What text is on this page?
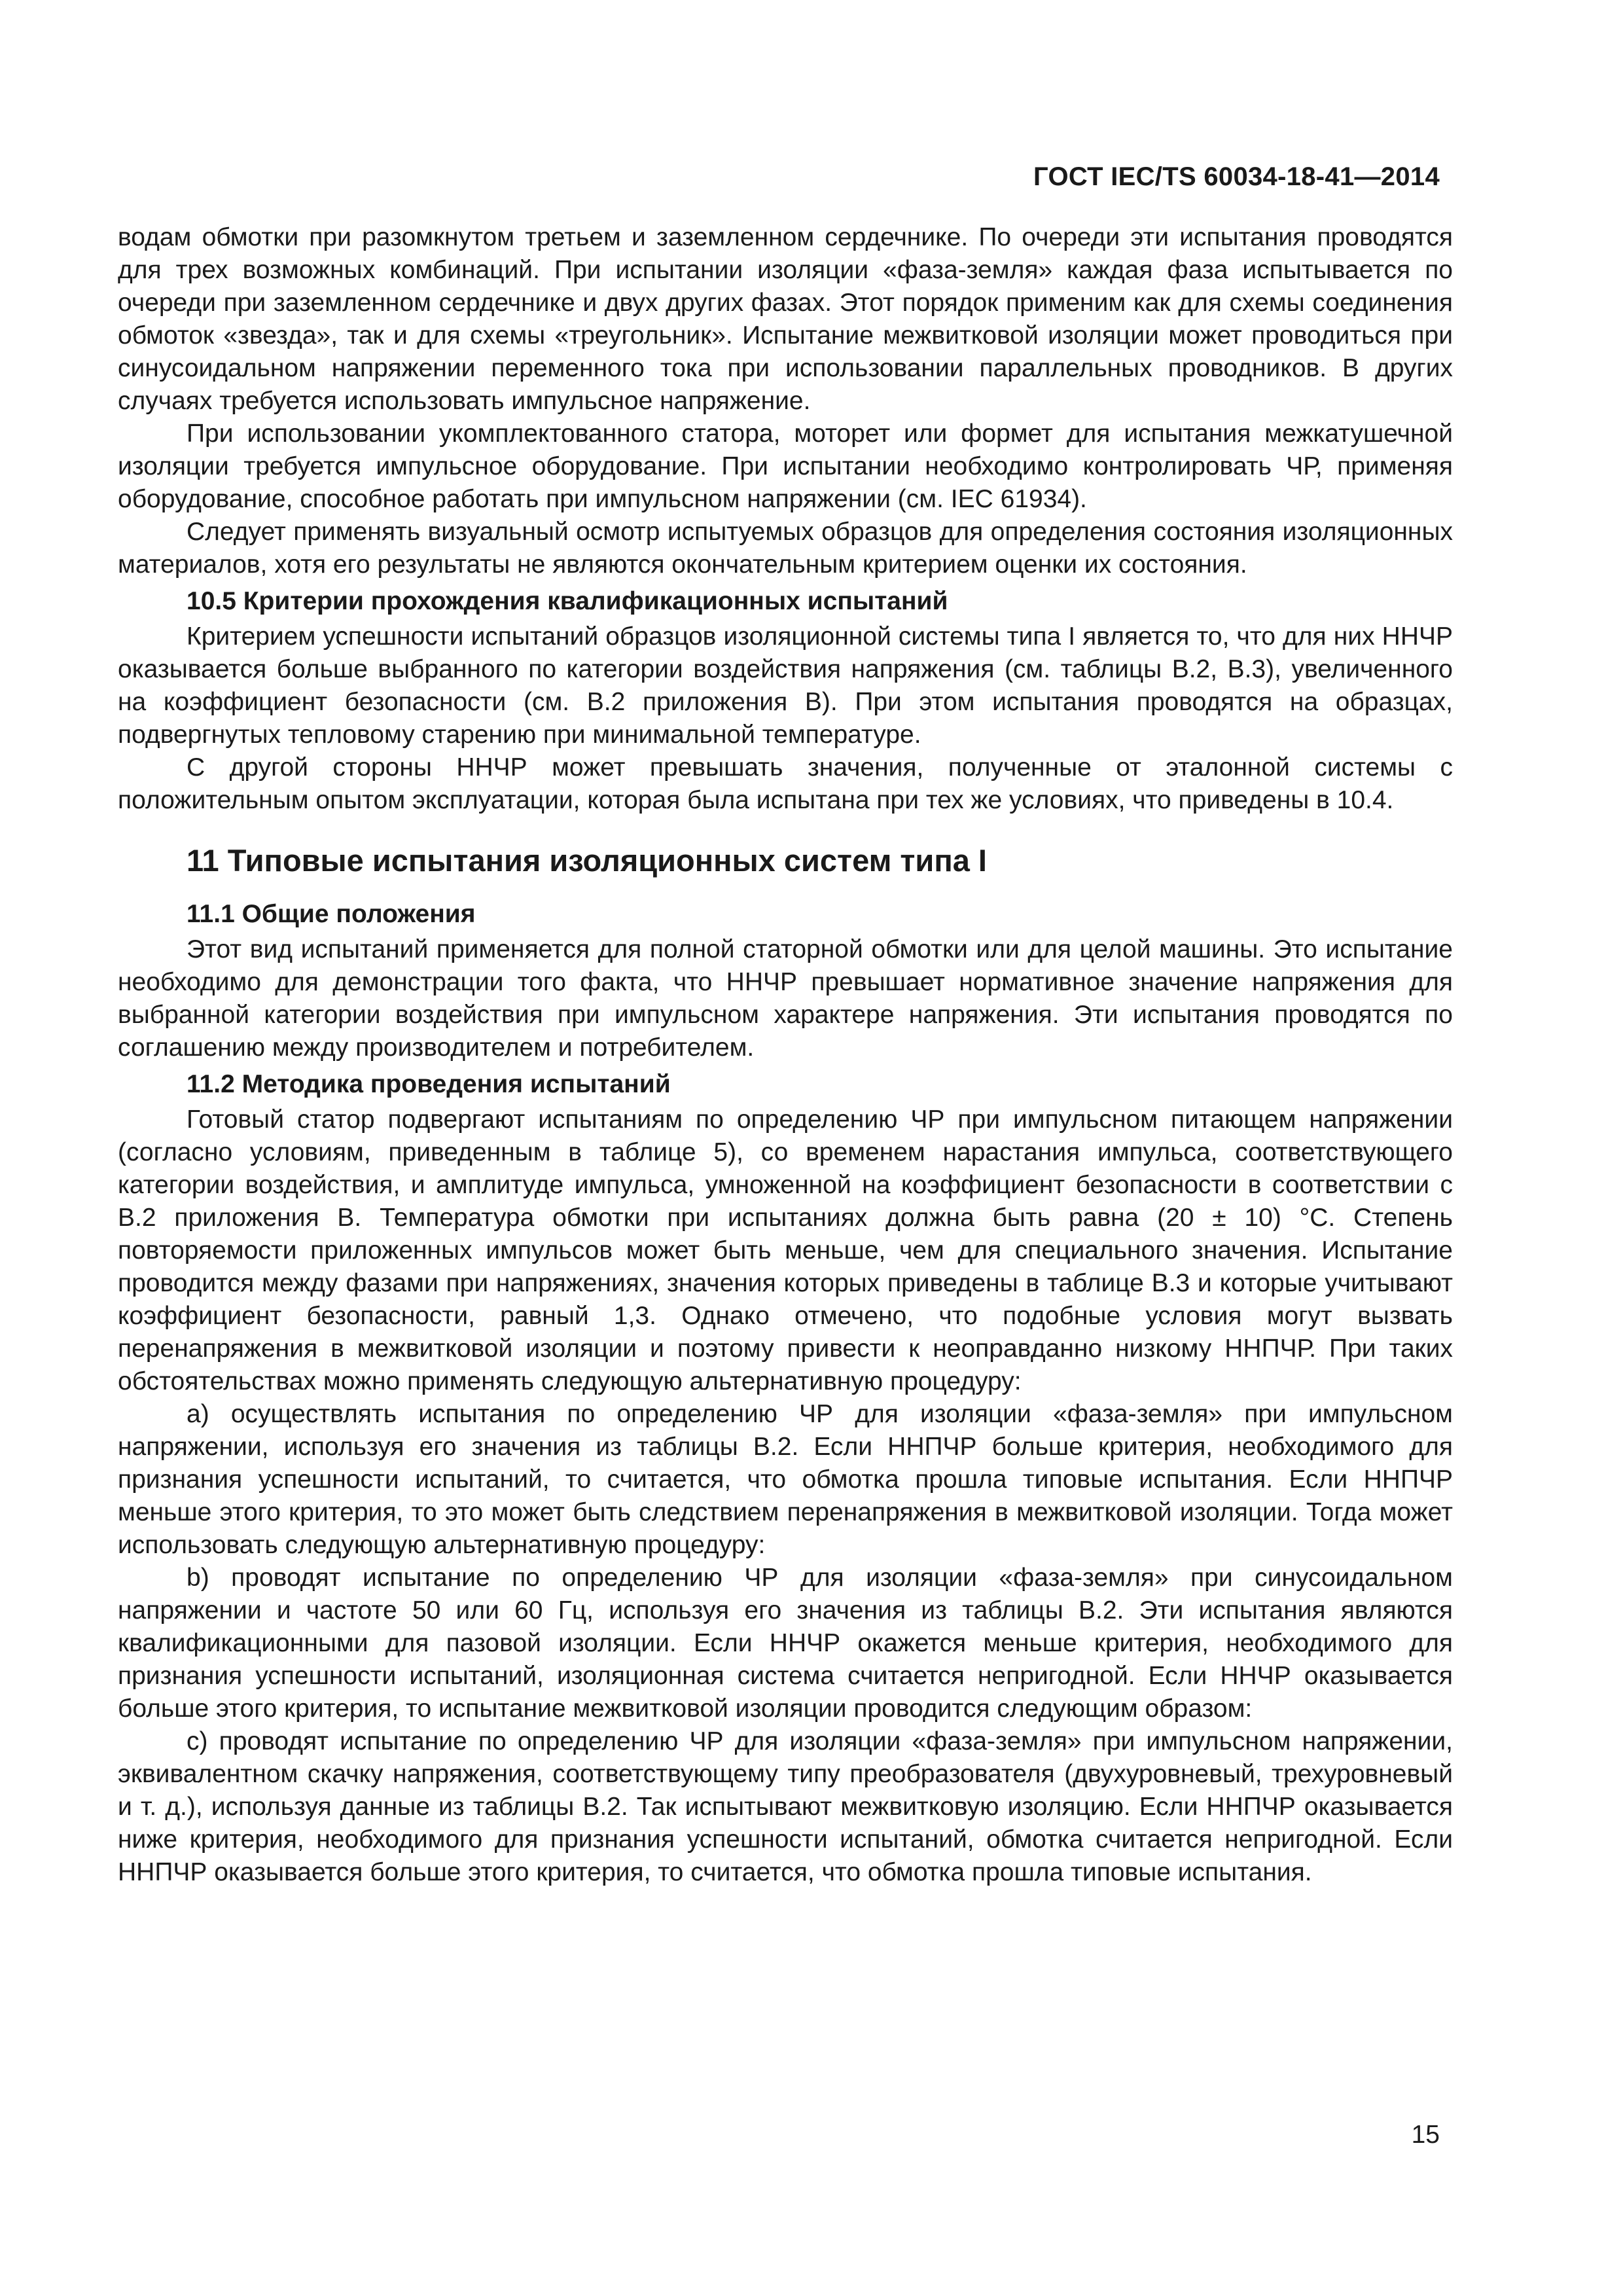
ГОСТ IEC/TS 60034-18-41—2014

водам обмотки при разомкнутом третьем и заземленном сердечнике. По очереди эти испытания проводятся для трех возможных комбинаций. При испытании изоляции «фаза-земля» каждая фаза испытывается по очереди при заземленном сердечнике и двух других фазах. Этот порядок применим как для схемы соединения обмоток «звезда», так и для схемы «треугольник». Испытание межвитковой изоляции может проводиться при синусоидальном напряжении переменного тока при использовании параллельных проводников. В других случаях требуется использовать импульсное напряжение.

При использовании укомплектованного статора, моторет или формет для испытания межкатушечной изоляции требуется импульсное оборудование. При испытании необходимо контролировать ЧР, применяя оборудование, способное работать при импульсном напряжении (см. IEC 61934).

Следует применять визуальный осмотр испытуемых образцов для определения состояния изоляционных материалов, хотя его результаты не являются окончательным критерием оценки их состояния.

10.5 Критерии прохождения квалификационных испытаний

Критерием успешности испытаний образцов изоляционной системы типа I является то, что для них ННЧР оказывается больше выбранного по категории воздействия напряжения (см. таблицы В.2, В.3), увеличенного на коэффициент безопасности (см. В.2 приложения В). При этом испытания проводятся на образцах, подвергнутых тепловому старению при минимальной температуре.

С другой стороны ННЧР может превышать значения, полученные от эталонной системы с положительным опытом эксплуатации, которая была испытана при тех же условиях, что приведены в 10.4.

11 Типовые испытания изоляционных систем типа I
11.1 Общие положения

Этот вид испытаний применяется для полной статорной обмотки или для целой машины. Это испытание необходимо для демонстрации того факта, что ННЧР превышает нормативное значение напряжения для выбранной категории воздействия при импульсном характере напряжения. Эти испытания проводятся по соглашению между производителем и потребителем.

11.2 Методика проведения испытаний

Готовый статор подвергают испытаниям по определению ЧР при импульсном питающем напряжении (согласно условиям, приведенным в таблице 5), со временем нарастания импульса, соответствующего категории воздействия, и амплитуде импульса, умноженной на коэффициент безопасности в соответствии с В.2 приложения В. Температура обмотки при испытаниях должна быть равна (20 ± 10) °С. Степень повторяемости приложенных импульсов может быть меньше, чем для специального значения. Испытание проводится между фазами при напряжениях, значения которых приведены в таблице В.3 и которые учитывают коэффициент безопасности, равный 1,3. Однако отмечено, что подобные условия могут вызвать перенапряжения в межвитковой изоляции и поэтому привести к неоправданно низкому ННПЧР. При таких обстоятельствах можно применять следующую альтернативную процедуру:

a) осуществлять испытания по определению ЧР для изоляции «фаза-земля» при импульсном напряжении, используя его значения из таблицы В.2. Если ННПЧР больше критерия, необходимого для признания успешности испытаний, то считается, что обмотка прошла типовые испытания. Если ННПЧР меньше этого критерия, то это может быть следствием перенапряжения в межвитковой изоляции. Тогда может использовать следующую альтернативную процедуру:

b) проводят испытание по определению ЧР для изоляции «фаза-земля» при синусоидальном напряжении и частоте 50 или 60 Гц, используя его значения из таблицы В.2. Эти испытания являются квалификационными для пазовой изоляции. Если ННЧР окажется меньше критерия, необходимого для признания успешности испытаний, изоляционная система считается непригодной. Если ННЧР оказывается больше этого критерия, то испытание межвитковой изоляции проводится следующим образом:

c) проводят испытание по определению ЧР для изоляции «фаза-земля» при импульсном напряжении, эквивалентном скачку напряжения, соответствующему типу преобразователя (двухуровневый, трехуровневый и т. д.), используя данные из таблицы В.2. Так испытывают межвитковую изоляцию. Если ННПЧР оказывается ниже критерия, необходимого для признания успешности испытаний, обмотка считается непригодной. Если ННПЧР оказывается больше этого критерия, то считается, что обмотка прошла типовые испытания.

15
